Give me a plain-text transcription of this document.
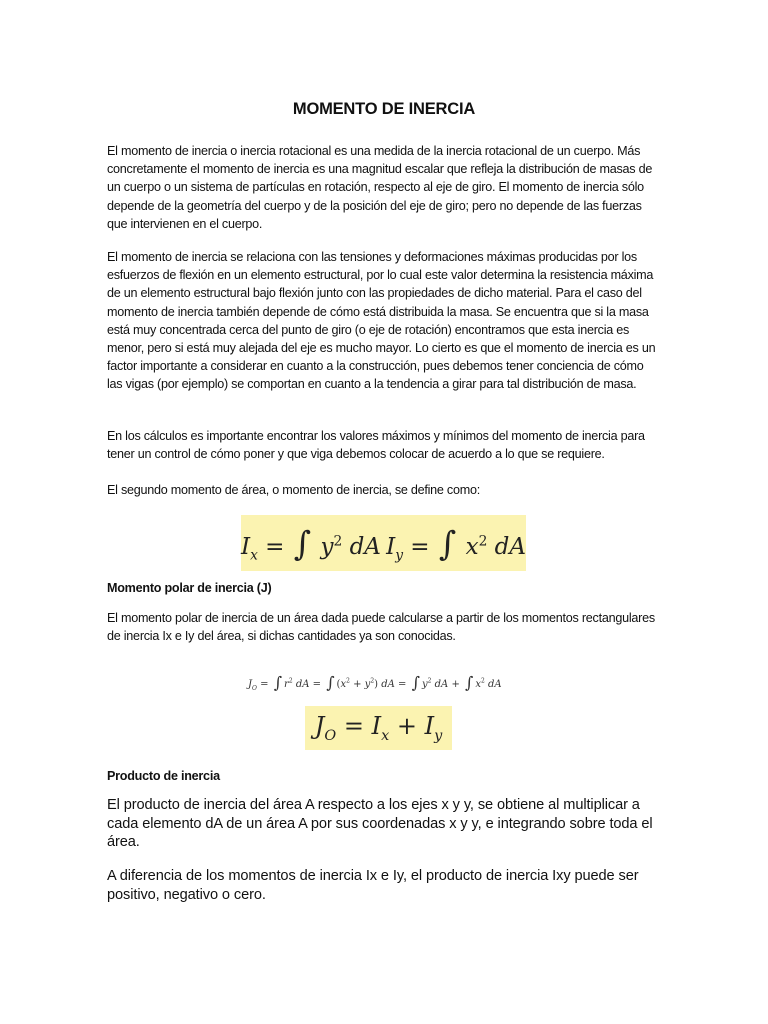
MOMENTO DE INERCIA

El momento de inercia o inercia rotacional es una medida de la inercia rotacional de un cuerpo. Más concretamente el momento de inercia es una magnitud escalar que refleja la distribución de masas de un cuerpo o un sistema de partículas en rotación, respecto al eje de giro. El momento de inercia sólo depende de la geometría del cuerpo y de la posición del eje de giro; pero no depende de las fuerzas que intervienen en el cuerpo.

El momento de inercia se relaciona con las tensiones y deformaciones máximas producidas por los esfuerzos de flexión en un elemento estructural, por lo cual este valor determina la resistencia máxima de un elemento estructural bajo flexión junto con las propiedades de dicho material. Para el caso del momento de inercia también depende de cómo está distribuida la masa. Se encuentra que si la masa está muy concentrada cerca del punto de giro (o eje de rotación) encontramos que esta inercia es menor, pero si está muy alejada del eje es mucho mayor. Lo cierto es que el momento de inercia es un factor importante a considerar en cuanto a la construcción, pues debemos tener conciencia de cómo las vigas (por ejemplo) se comportan en cuanto a la tendencia a girar para tal distribución de masa.

En los cálculos es importante encontrar los valores máximos y mínimos del momento de inercia para tener un control de cómo poner y que viga debemos colocar de acuerdo a lo que se requiere.

El segundo momento de área, o momento de inercia, se define como:

$I_x$ = ∫ $y^2$ dA $I_y$ = ∫ $x^2$ dA
Momento polar de inercia (J)

El momento polar de inercia de un área dada puede calcularse a partir de los momentos rectangulares de inercia Ix e Iy del área, si dichas cantidades ya son conocidas.

$J_O$ = ∫ $r^2$ dA = ∫ $(x^2 + y^2)$ dA = ∫ $y^2$ dA + ∫ $x^2$ dA
$J_O = I_x + I_y$
Producto de inercia

El producto de inercia del área A respecto a los ejes x y y, se obtiene al multiplicar a cada elemento dA de un área A por sus coordenadas x y y, e integrando sobre toda el área.

A diferencia de los momentos de inercia Ix e Iy, el producto de inercia Ixy puede ser positivo, negativo o cero.
